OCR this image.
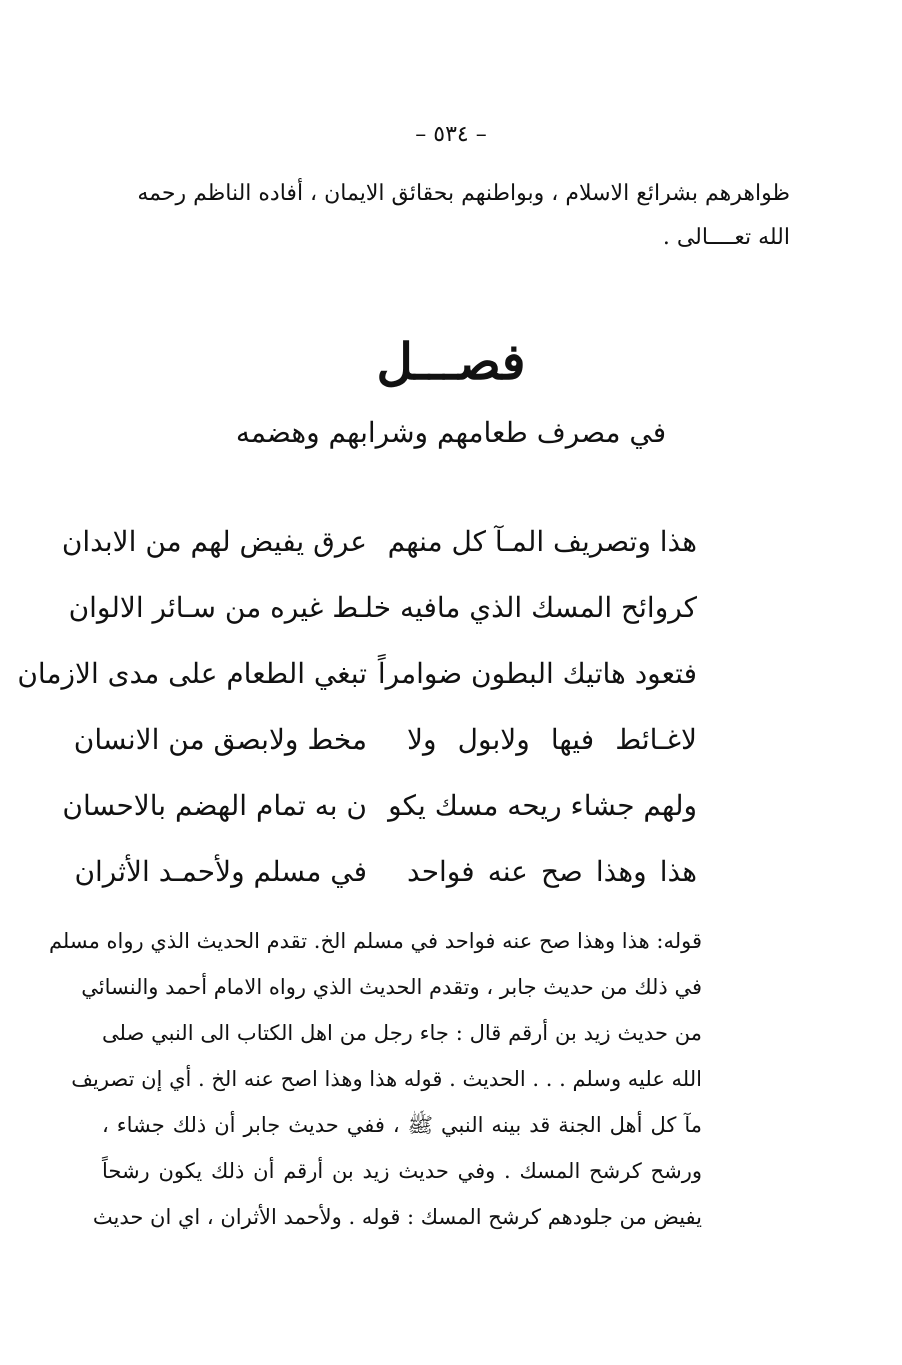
– ٥٣٤ –
ظواهرهم بشرائع الاسلام ، وبواطنهم بحقائق الايمان ، أفاده الناظم رحمه
الله تعــــالى .
فصـــل
في مصرف طعامهم وشرابهم وهضمه
هذا وتصريف المـآ كل منهم
عرق يفيض لهم من الابدان
كروائح المسك الذي مافيه خلـ
ـط غيره من سـائر الالوان
فتعود هاتيك البطون ضوامراً
تبغي الطعام على مدى الازمان
لاغـائط فيها ولابول ولا
مخط ولابصق من الانسان
ولهم جشاء ريحه مسك يكو
ن به تمام الهضم بالاحسان
هذا وهذا صح عنه فواحد
في مسلم ولأحمـد الأثران
قوله: هذا وهذا صح عنه فواحد في مسلم الخ. تقدم الحديث الذي رواه مسلم
في ذلك من حديث جابر ، وتقدم الحديث الذي رواه الامام أحمد والنسائي
من حديث زيد بن أرقم قال : جاء رجل من اهل الكتاب الى النبي صلى
الله عليه وسلم . . . الحديث . قوله هذا وهذا اصح عنه الخ . أي إن تصريف
مآ كل أهل الجنة قد بينه النبي ﷺ ، ففي حديث جابر أن ذلك جشاء ،
ورشح كرشح المسك . وفي حديث زيد بن أرقم أن ذلك يكون رشحاً
يفيض من جلودهم كرشح المسك : قوله . ولأحمد الأثران ، اي ان حديث
